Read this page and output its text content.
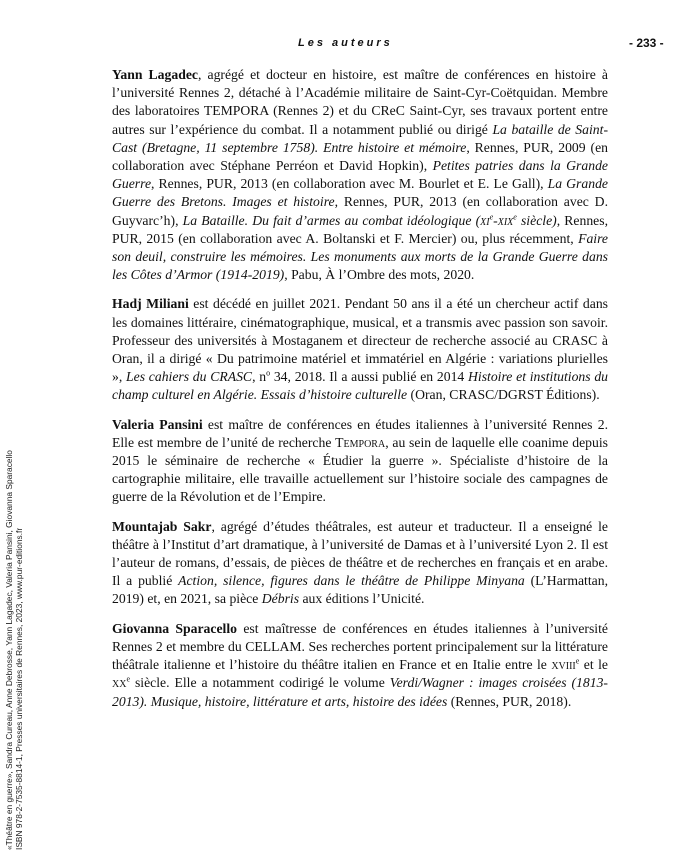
Les auteurs	- 233 -

Yann Lagadec, agrégé et docteur en histoire, est maître de conférences en histoire à l’université Rennes 2, détaché à l’Académie militaire de Saint-Cyr-Coëtquidan. Membre des laboratoires TEMPORA (Rennes 2) et du CReC Saint-Cyr, ses travaux portent entre autres sur l’expérience du combat. Il a notamment publié ou dirigé La bataille de Saint-Cast (Bretagne, 11 septembre 1758). Entre histoire et mémoire, Rennes, PUR, 2009 (en collaboration avec Stéphane Perréon et David Hopkin), Petites patries dans la Grande Guerre, Rennes, PUR, 2013 (en collaboration avec M. Bourlet et E. Le Gall), La Grande Guerre des Bretons. Images et histoire, Rennes, PUR, 2013 (en collaboration avec D. Guyvarc’h), La Bataille. Du fait d’armes au combat idéologique ($xi^e-xix^e$ siècle), Rennes, PUR, 2015 (en collaboration avec A. Boltanski et F. Mercier) ou, plus récemment, Faire son deuil, construire les mémoires. Les monuments aux morts de la Grande Guerre dans les Côtes d’Armor (1914-2019), Pabu, À l’Ombre des mots, 2020.

Hadj Miliani est décédé en juillet 2021. Pendant 50 ans il a été un chercheur actif dans les domaines littéraire, cinématographique, musical, et a transmis avec passion son savoir. Professeur des universités à Mostaganem et directeur de recherche associé au CRASC à Oran, il a dirigé « Du patrimoine matériel et immatériel en Algérie : variations plurielles », Les cahiers du CRASC, $n^o$ 34, 2018. Il a aussi publié en 2014 Histoire et institutions du champ culturel en Algérie. Essais d’histoire culturelle (Oran, CRASC/DGRST Éditions).

Valeria Pansini est maître de conférences en études italiennes à l’université Rennes 2. Elle est membre de l’unité de recherche Tempora, au sein de laquelle elle coanime depuis 2015 le séminaire de recherche « Étudier la guerre ». Spécialiste d’histoire de la cartographie militaire, elle travaille actuellement sur l’histoire sociale des campagnes de guerre de la Révolution et de l’Empire.

Mountajab Sakr, agrégé d’études théâtrales, est auteur et traducteur. Il a enseigné le théâtre à l’Institut d’art dramatique, à l’université de Damas et à l’université Lyon 2. Il est l’auteur de romans, d’essais, de pièces de théâtre et de recherches en français et en arabe. Il a publié Action, silence, figures dans le théâtre de Philippe Minyana (L’Harmattan, 2019) et, en 2021, sa pièce Débris aux éditions l’Unicité.

Giovanna Sparacello est maîtresse de conférences en études italiennes à l’université Rennes 2 et membre du CELLAM. Ses recherches portent principalement sur la littérature théâtrale italienne et l’histoire du théâtre italien en France et en Italie entre le xviii$^e$ et le $xx^e$ siècle. Elle a notamment codirigé le volume Verdi/Wagner : images croisées (1813-2013). Musique, histoire, littérature et arts, histoire des idées (Rennes, PUR, 2018).

«Théâtre en guerre», Sandra Cureau, Anne Debrosse, Yann Lagadec, Valeria Pansini, Giovanna Sparacello ISBN 978-2-7535-8814-1, Presses universitaires de Rennes, 2023, www.pur-editions.fr
